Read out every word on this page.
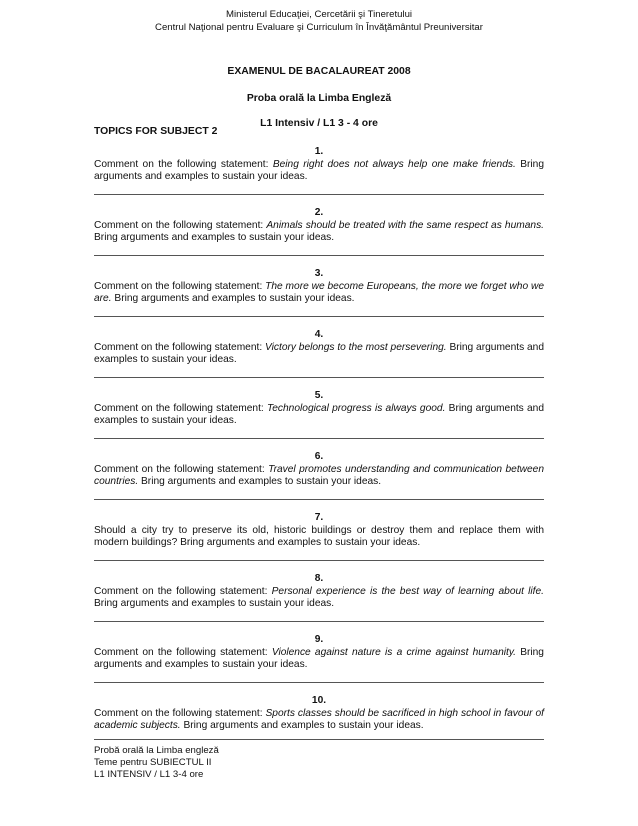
Ministerul Educaţiei, Cercetării şi Tineretului
Centrul Naţional pentru Evaluare şi Curriculum în Învăţământul Preuniversitar
EXAMENUL DE BACALAUREAT 2008
Proba orală la Limba Engleză
L1 Intensiv / L1 3 - 4 ore
TOPICS FOR SUBJECT 2
1.
Comment on the following statement: Being right does not always help one make friends. Bring arguments and examples to sustain your ideas.
2.
Comment on the following statement: Animals should be treated with the same respect as humans. Bring arguments and examples to sustain your ideas.
3.
Comment on the following statement: The more we become Europeans, the more we forget who we are. Bring arguments and examples to sustain your ideas.
4.
Comment on the following statement: Victory belongs to the most persevering. Bring arguments and examples to sustain your ideas.
5.
Comment on the following statement: Technological progress is always good. Bring arguments and examples to sustain your ideas.
6.
Comment on the following statement: Travel promotes understanding and communication between countries. Bring arguments and examples to sustain your ideas.
7.
Should a city try to preserve its old, historic buildings or destroy them and replace them with modern buildings? Bring arguments and examples to sustain your ideas.
8.
Comment on the following statement: Personal experience is the best way of learning about life. Bring arguments and examples to sustain your ideas.
9.
Comment on the following statement: Violence against nature is a crime against humanity. Bring arguments and examples to sustain your ideas.
10.
Comment on the following statement: Sports classes should be sacrificed in high school in favour of academic subjects. Bring arguments and examples to sustain your ideas.
Probă orală la Limba engleză
Teme pentru SUBIECTUL II
L1 INTENSIV / L1 3-4 ore
